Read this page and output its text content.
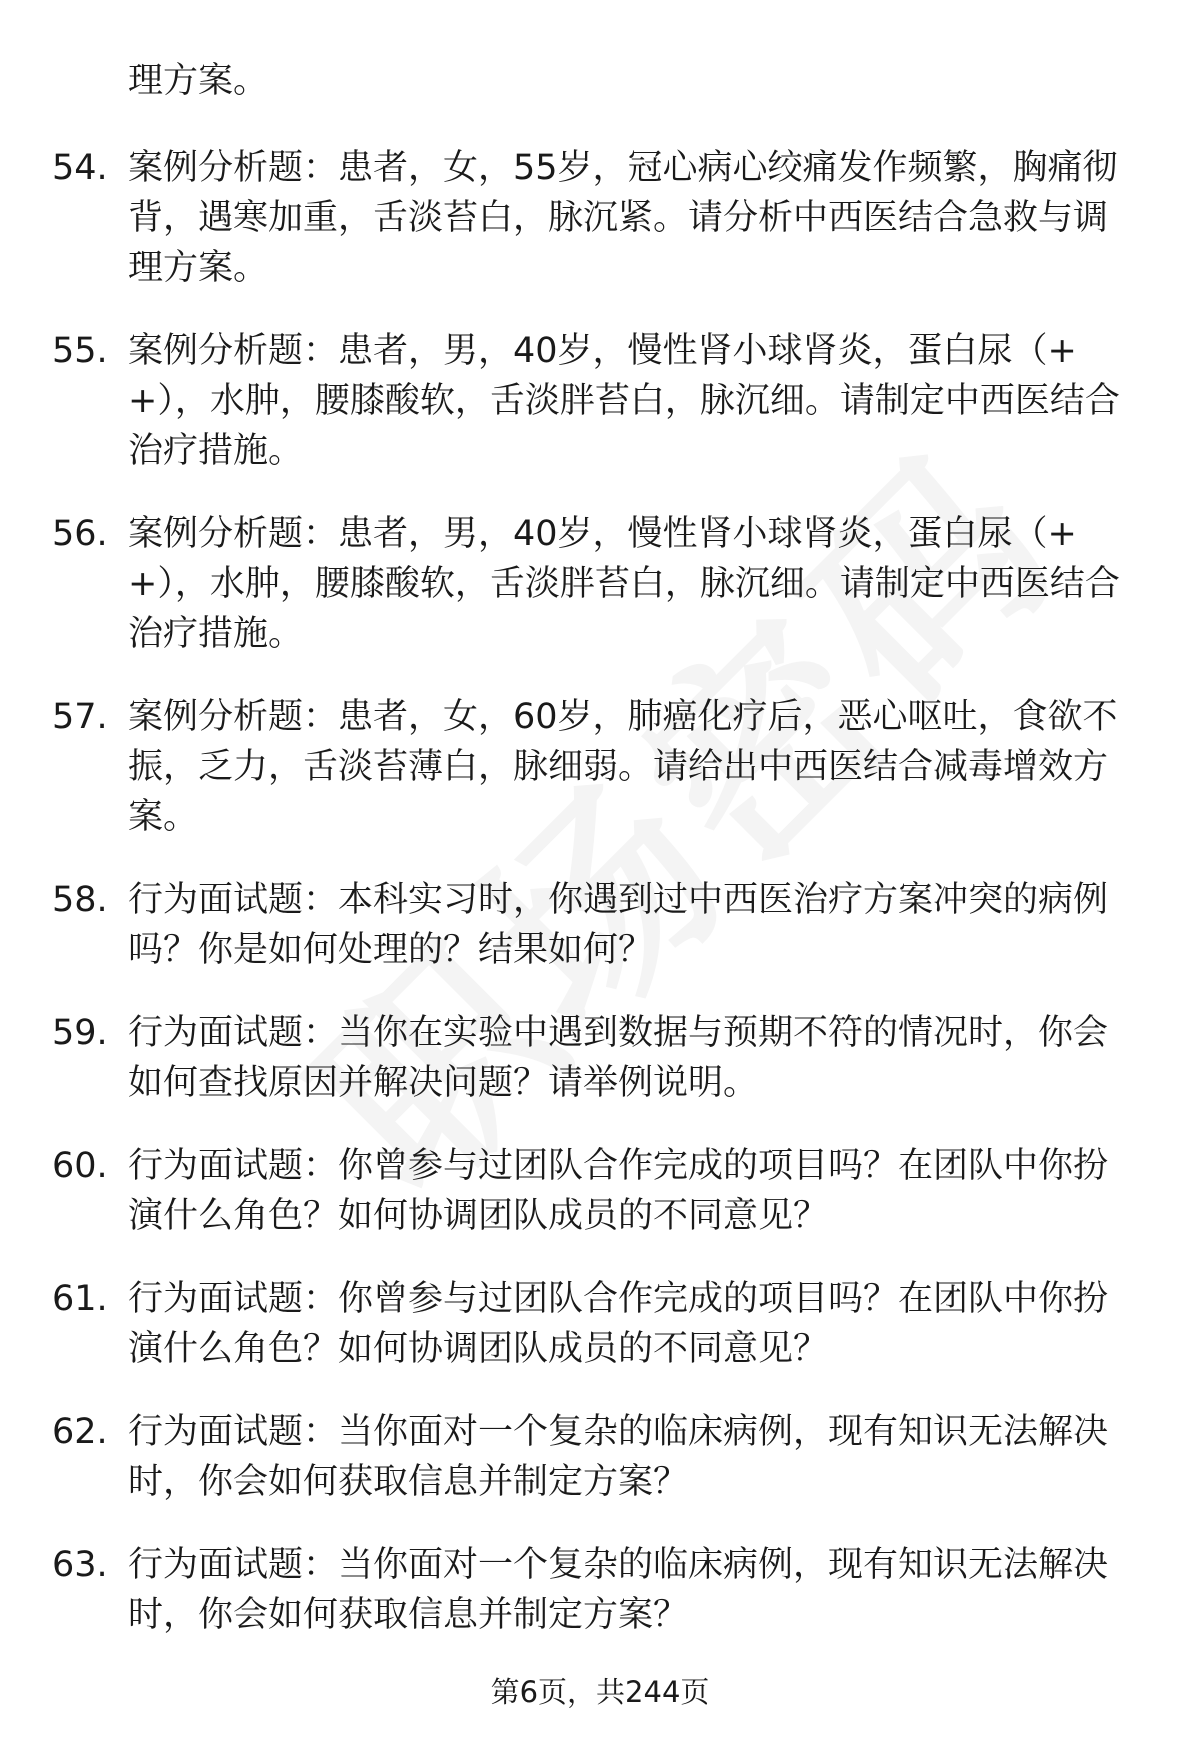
理方案。
54. 案例分析题：患者，女，55岁，冠心病心绞痛发作频繁，胸痛彻背，遇寒加重，舌淡苔白，脉沉紧。请分析中西医结合急救与调理方案。
55. 案例分析题：患者，男，40岁，慢性肾小球肾炎，蛋白尿（++），水肿，腰膝酸软，舌淡胖苔白，脉沉细。请制定中西医结合治疗措施。
56. 案例分析题：患者，男，40岁，慢性肾小球肾炎，蛋白尿（++），水肿，腰膝酸软，舌淡胖苔白，脉沉细。请制定中西医结合治疗措施。
57. 案例分析题：患者，女，60岁，肺癌化疗后，恶心呕吐，食欲不振，乏力，舌淡苔薄白，脉细弱。请给出中西医结合减毒增效方案。
58. 行为面试题：本科实习时，你遇到过中西医治疗方案冲突的病例吗？你是如何处理的？结果如何？
59. 行为面试题：当你在实验中遇到数据与预期不符的情况时，你会如何查找原因并解决问题？请举例说明。
60. 行为面试题：你曾参与过团队合作完成的项目吗？在团队中你扮演什么角色？如何协调团队成员的不同意见？
61. 行为面试题：你曾参与过团队合作完成的项目吗？在团队中你扮演什么角色？如何协调团队成员的不同意见？
62. 行为面试题：当你面对一个复杂的临床病例，现有知识无法解决时，你会如何获取信息并制定方案？
63. 行为面试题：当你面对一个复杂的临床病例，现有知识无法解决时，你会如何获取信息并制定方案？
第6页，共244页
